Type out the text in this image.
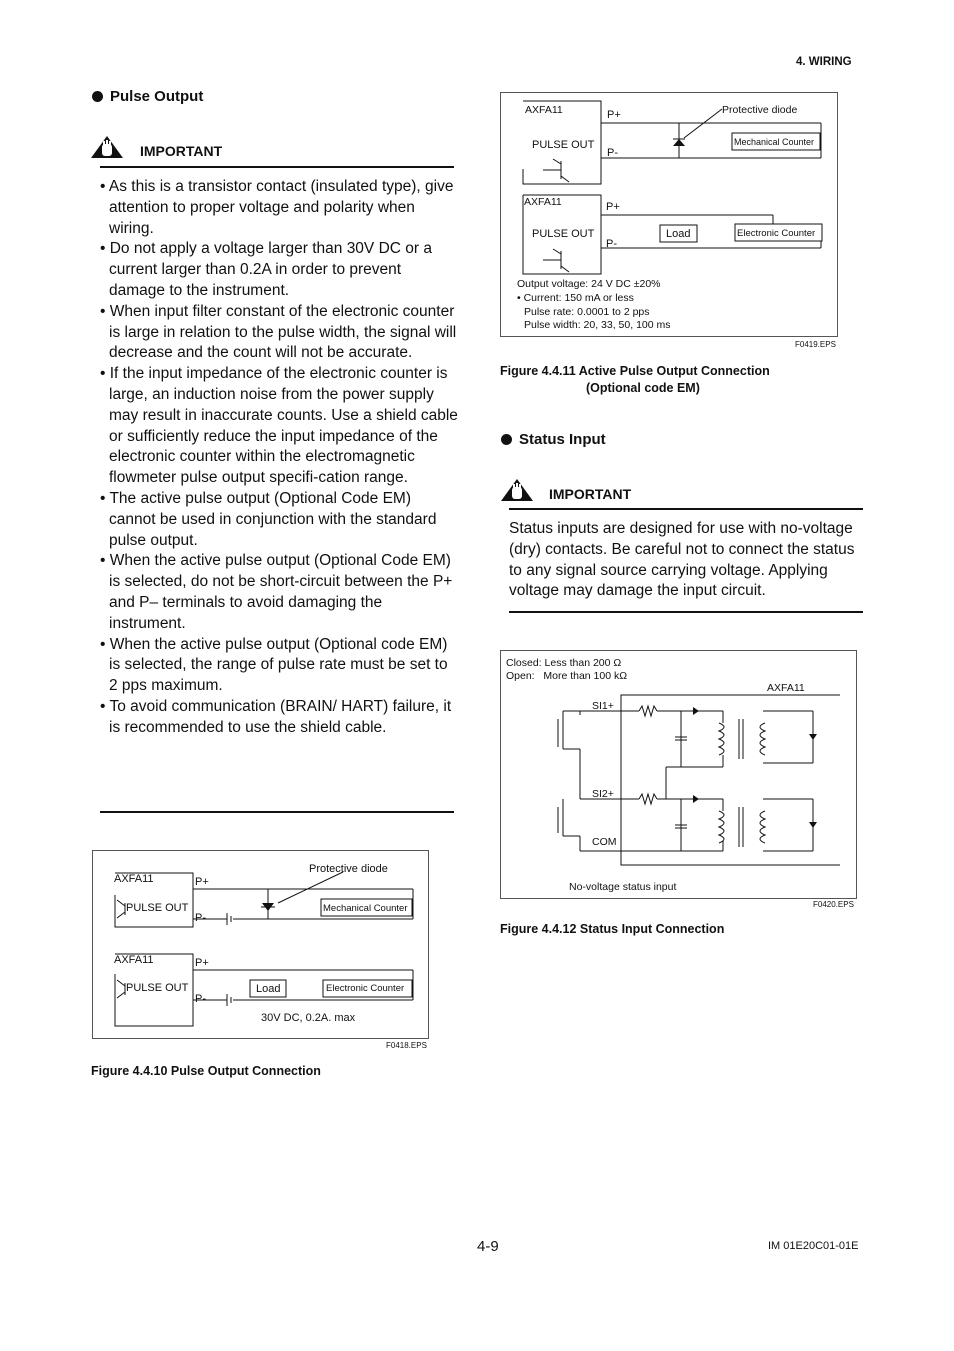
4. WIRING
Pulse Output
IMPORTANT
• As this is a transistor contact (insulated type), give attention to proper voltage and polarity when wiring.
• Do not apply a voltage larger than 30V DC or a current larger than 0.2A in order to prevent damage to the instrument.
• When input filter constant of the electronic counter is large in relation to the pulse width, the signal will decrease and the count will not be accurate.
• If the input impedance of the electronic counter is large, an induction noise from the power supply may result in inaccurate counts. Use a shield cable or sufficiently reduce the input impedance of the electronic counter within the electromagnetic flowmeter pulse output specifi-cation range.
• The active pulse output (Optional Code EM) cannot be used in conjunction with the standard pulse output.
• When the active pulse output (Optional Code EM) is selected, do not be short-circuit between the P+ and P– terminals to avoid damaging the instrument.
• When the active pulse output (Optional code EM) is selected, the range of pulse rate must be set to 2 pps maximum.
• To avoid communication (BRAIN/ HART) failure, it is recommended to use the shield cable.
Protective diode
AXFA11	P+
PULSE OUT
P-
Mechanical Counter
AXFA11	P+
PULSE OUT
P-
Load	Electronic Counter
30V DC, 0.2A. max
F0418.EPS
Figure 4.4.10 Pulse Output Connection
AXFA11	P+	Protective diode
PULSE OUT
P-
Mechanical Counter
AXFA11	P+
PULSE OUT
P-
Load	Electronic Counter
Output voltage: 24 V DC ±20%
• Current: 150 mA or less
Pulse rate: 0.0001 to 2 pps
Pulse width: 20, 33, 50, 100 ms
F0419.EPS
Figure 4.4.11 Active Pulse Output Connection
(Optional code EM)
Status Input
IMPORTANT
Status inputs are designed for use with no-voltage (dry) contacts. Be careful not to connect the status to any signal source carrying voltage. Applying voltage may damage the input circuit.
Closed: Less than 200 Ω
Open:   More than 100 kΩ
AXFA11
SI1+
SI2+
COM
No-voltage status input
F0420.EPS
Figure 4.4.12 Status Input Connection
4-9	IM 01E20C01-01E
